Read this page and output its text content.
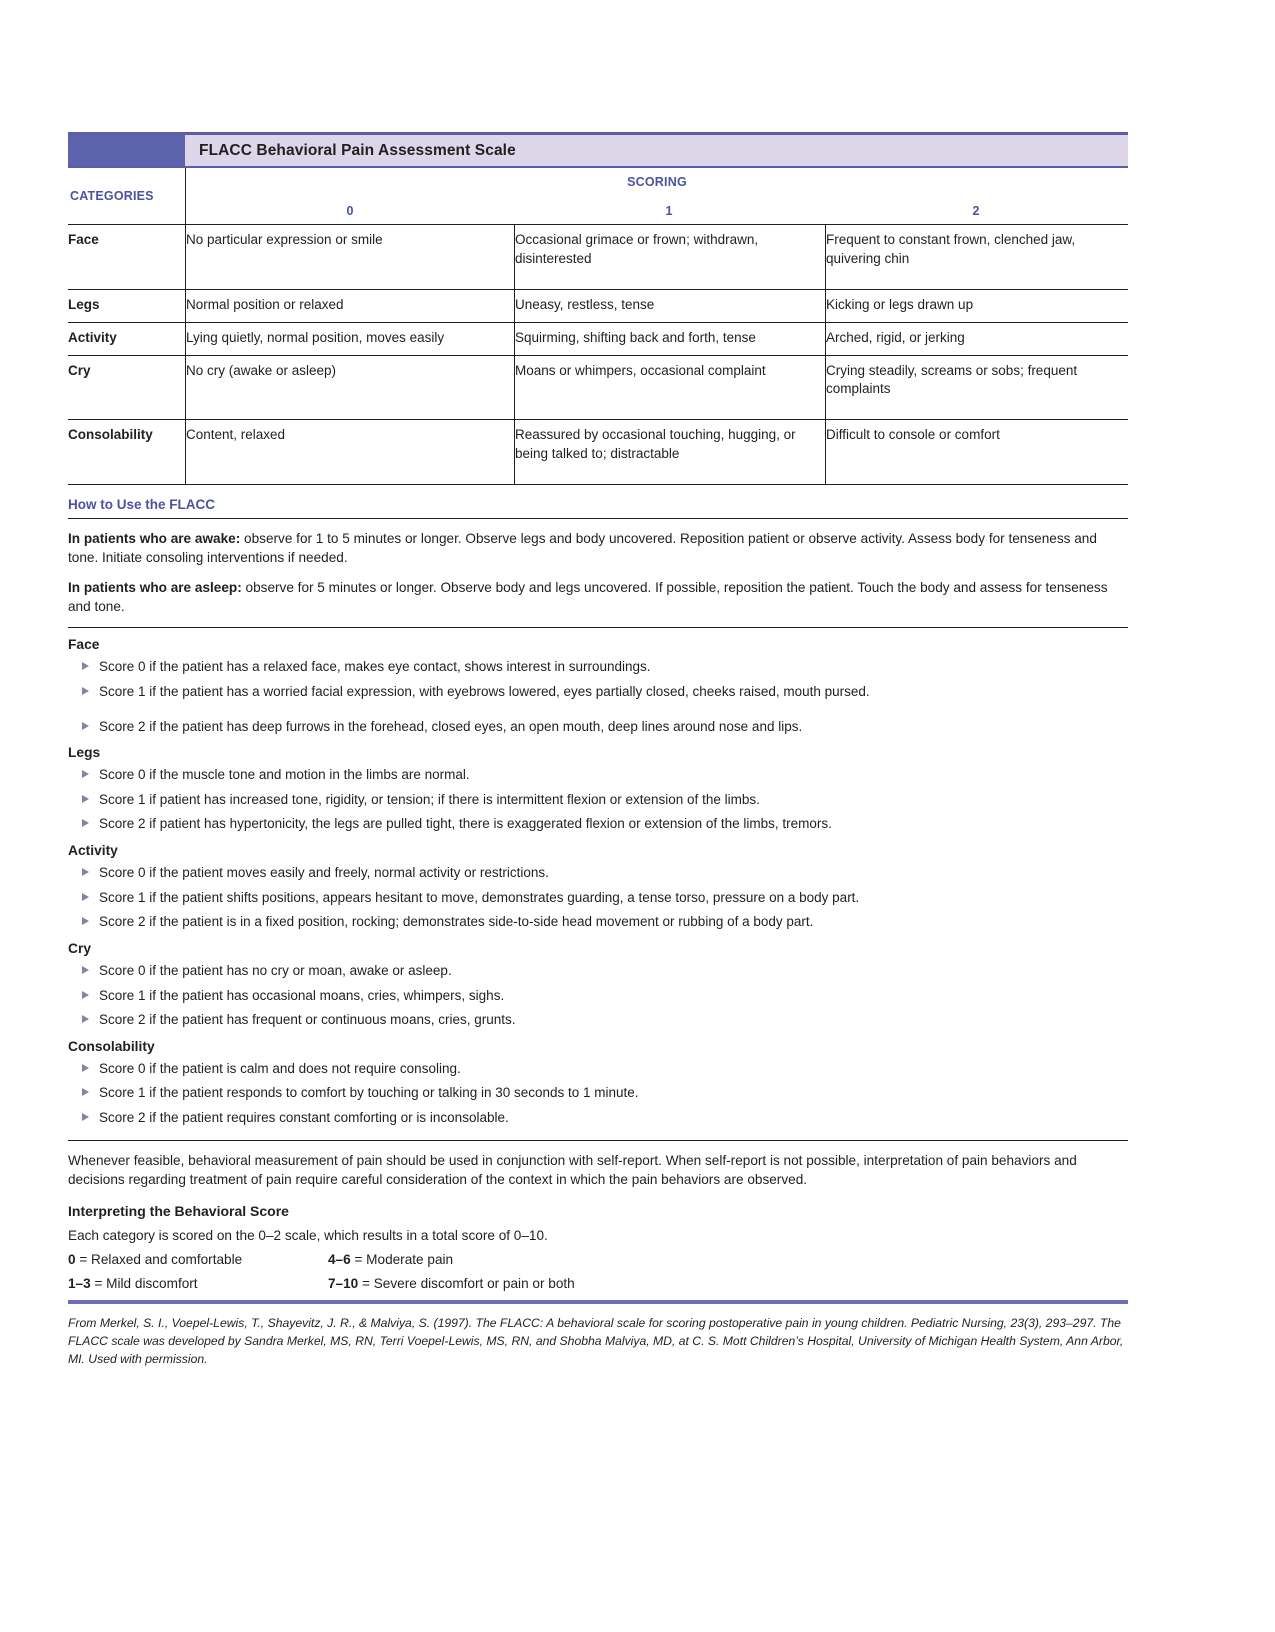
FLACC Behavioral Pain Assessment Scale
CATEGORIES
SCORING
0	1	2
Face	No particular expression or smile	Occasional grimace or frown; withdrawn, disinterested	Frequent to constant frown, clenched jaw, quivering chin
Legs	Normal position or relaxed	Uneasy, restless, tense	Kicking or legs drawn up
Activity	Lying quietly, normal position, moves easily	Squirming, shifting back and forth, tense	Arched, rigid, or jerking
Cry	No cry (awake or asleep)	Moans or whimpers, occasional complaint	Crying steadily, screams or sobs; frequent complaints
Consolability	Content, relaxed	Reassured by occasional touching, hugging, or being talked to; distractable	Difficult to console or comfort
How to Use the FLACC

In patients who are awake: observe for 1 to 5 minutes or longer. Observe legs and body uncovered. Reposition patient or observe activity. Assess body for tenseness and tone. Initiate consoling interventions if needed.

In patients who are asleep: observe for 5 minutes or longer. Observe body and legs uncovered. If possible, reposition the patient. Touch the body and assess for tenseness and tone.

Face
Score 0 if the patient has a relaxed face, makes eye contact, shows interest in surroundings.
Score 1 if the patient has a worried facial expression, with eyebrows lowered, eyes partially closed, cheeks raised, mouth pursed.
Score 2 if the patient has deep furrows in the forehead, closed eyes, an open mouth, deep lines around nose and lips.
Legs
Score 0 if the muscle tone and motion in the limbs are normal.
Score 1 if patient has increased tone, rigidity, or tension; if there is intermittent flexion or extension of the limbs.
Score 2 if patient has hypertonicity, the legs are pulled tight, there is exaggerated flexion or extension of the limbs, tremors.
Activity
Score 0 if the patient moves easily and freely, normal activity or restrictions.
Score 1 if the patient shifts positions, appears hesitant to move, demonstrates guarding, a tense torso, pressure on a body part.
Score 2 if the patient is in a fixed position, rocking; demonstrates side-to-side head movement or rubbing of a body part.
Cry
Score 0 if the patient has no cry or moan, awake or asleep.
Score 1 if the patient has occasional moans, cries, whimpers, sighs.
Score 2 if the patient has frequent or continuous moans, cries, grunts.
Consolability
Score 0 if the patient is calm and does not require consoling.
Score 1 if the patient responds to comfort by touching or talking in 30 seconds to 1 minute.
Score 2 if the patient requires constant comforting or is inconsolable.

Whenever feasible, behavioral measurement of pain should be used in conjunction with self-report. When self-report is not possible, interpretation of pain behaviors and decisions regarding treatment of pain require careful consideration of the context in which the pain behaviors are observed.

Interpreting the Behavioral Score
Each category is scored on the 0–2 scale, which results in a total score of 0–10.
0 = Relaxed and comfortable	4–6 = Moderate pain
1–3 = Mild discomfort	7–10 = Severe discomfort or pain or both

From Merkel, S. I., Voepel-Lewis, T., Shayevitz, J. R., & Malviya, S. (1997). The FLACC: A behavioral scale for scoring postoperative pain in young children. Pediatric Nursing, 23(3), 293–297. The FLACC scale was developed by Sandra Merkel, MS, RN, Terri Voepel-Lewis, MS, RN, and Shobha Malviya, MD, at C. S. Mott Children’s Hospital, University of Michigan Health System, Ann Arbor, MI. Used with permission.
